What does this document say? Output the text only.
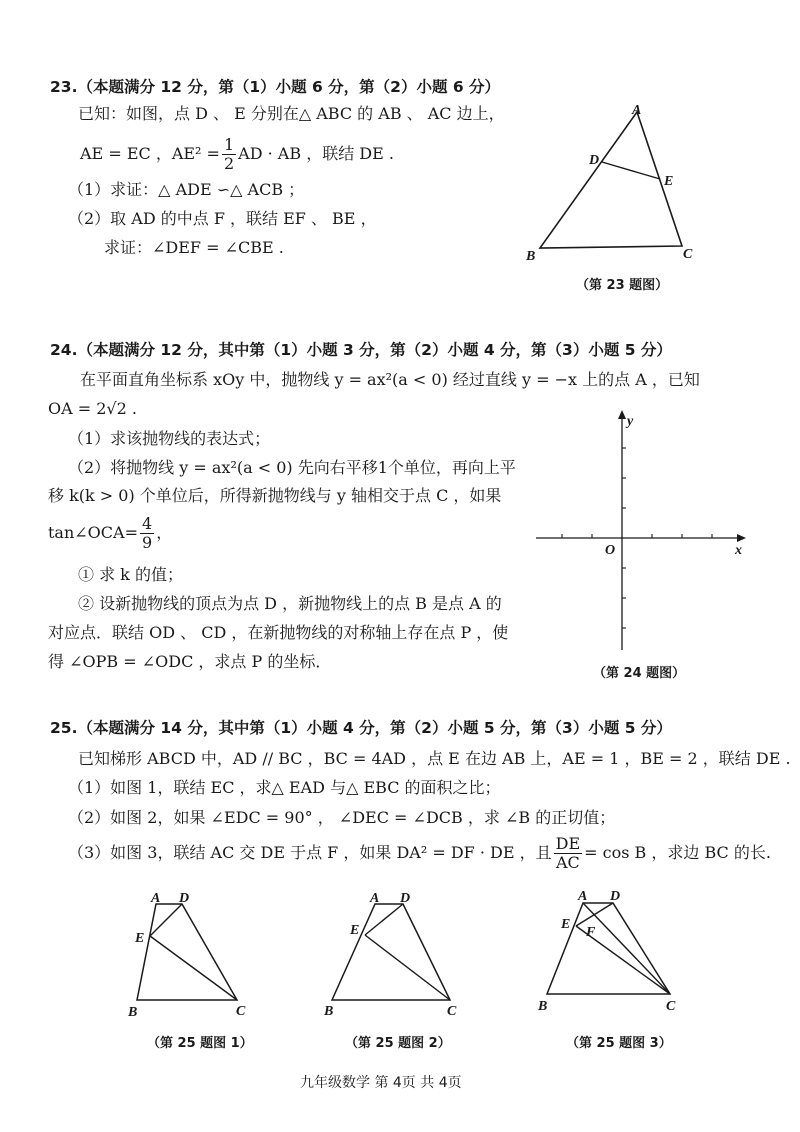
23.（本题满分 12 分，第（1）小题 6 分，第（2）小题 6 分）
已知：如图，点 D 、 E 分别在△ ABC 的 AB 、 AC 边上，
AE = EC ，$AE^2 = \frac{1}{2}$ AD · AB ，联结 DE .
（1）求证：△ ADE ∽△ ACB ；
（2）取 AD 的中点 F ，联结 EF 、 BE ，
求证：∠DEF = ∠CBE .
A
B	C
D
E
（第 23 题图）
24.（本题满分 12 分，其中第（1）小题 3 分，第（2）小题 4 分，第（3）小题 5 分）
在平面直角坐标系 xOy 中，抛物线 y = ax²(a < 0) 经过直线 y = −x 上的点 A ，已知
OA = 2√2 .
（1）求该抛物线的表达式；
（2）将抛物线 y = ax²(a < 0) 先向右平移1个单位，再向上平
移 k(k > 0) 个单位后，所得新抛物线与 y 轴相交于点 C ，如果
tan∠OCA= $\frac{4}{9}$ ，
① 求 k 的值；
② 设新抛物线的顶点为点 D ，新抛物线上的点 B 是点 A 的
对应点．联结 OD 、 CD ，在新抛物线的对称轴上存在点 P ，使
得 ∠OPB = ∠ODC ，求点 P 的坐标．
y
x
O
（第 24 题图）
25.（本题满分 14 分，其中第（1）小题 4 分，第（2）小题 5 分，第（3）小题 5 分）
已知梯形 ABCD 中，AD // BC ，BC = 4AD ，点 E 在边 AB 上，AE = 1 ，BE = 2 ，联结 DE .
（1）如图 1，联结 EC ，求△ EAD 与△ EBC 的面积之比；
（2）如图 2，如果 ∠EDC = 90° ， ∠DEC = ∠DCB ，求 ∠B 的正切值；
（3）如图 3，联结 AC 交 DE 于点 F ，如果 DA² = DF · DE ，且 $\frac{DE}{AC} = \cos B$ ，求边 BC 的长.
A D
E
B	C
（第 25 题图 1）
A D
E
B	C
（第 25 题图 2）
A D
E
F
B	C
（第 25 题图 3）
九年级数学 第 4页 共 4页
